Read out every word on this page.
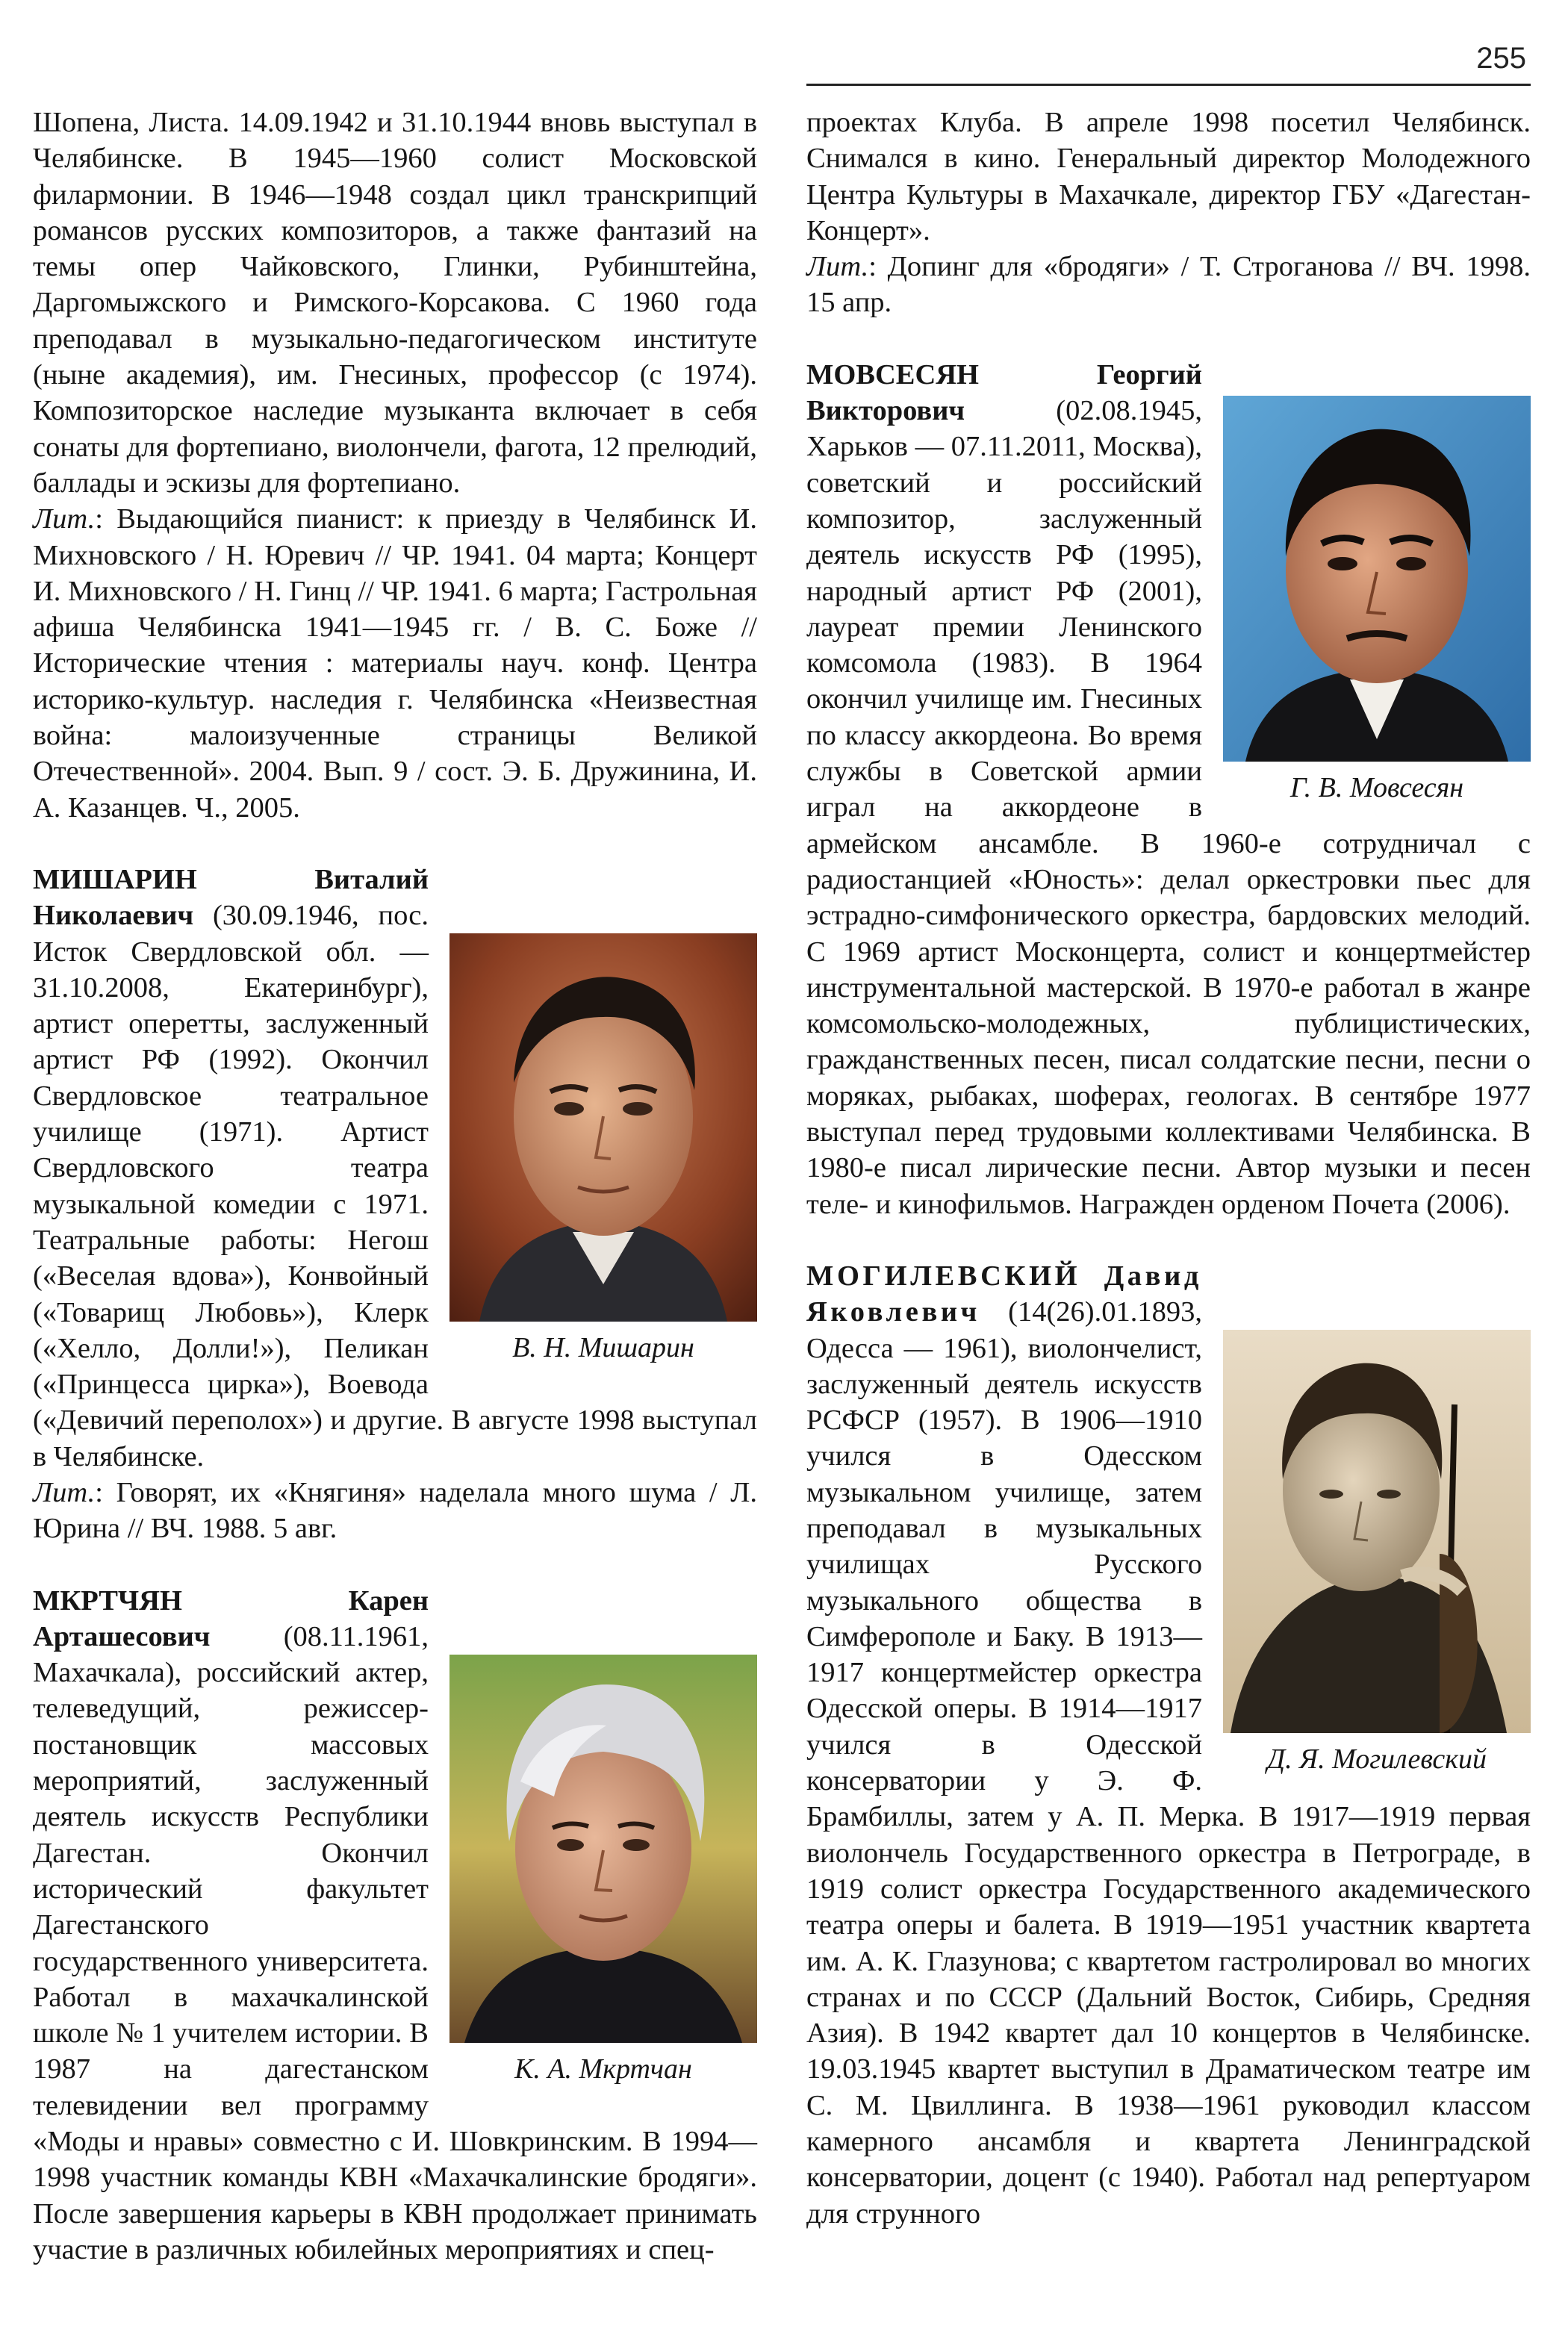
255

Шопена, Листа. 14.09.1942 и 31.10.1944 вновь выступал в Челябинске. В 1945—1960 солист Московской филармонии. В 1946—1948 создал цикл транскрипций романсов русских композиторов, а также фантазий на темы опер Чайковского, Глинки, Рубинштейна, Даргомыжского и Римского-Корсакова. С 1960 года преподавал в музыкально-педагогическом институте (ныне академия), им. Гнесиных, профессор (с 1974). Композиторское наследие музыканта включает в себя сонаты для фортепиано, виолончели, фагота, 12 прелюдий, баллады и эскизы для фортепиано.

Лит.: Выдающийся пианист: к приезду в Челябинск И. Михновского / Н. Юревич // ЧР. 1941. 04 марта; Концерт И. Михновского / Н. Гинц // ЧР. 1941. 6 марта; Гастрольная афиша Челябинска 1941—1945 гг. / В. С. Боже // Исторические чтения : материалы науч. конф. Центра историко-культур. наследия г. Челябинска «Неизвестная война: малоизученные страницы Великой Отечественной». 2004. Вып. 9 / сост. Э. Б. Дружинина, И. А. Казанцев. Ч., 2005.

В. Н. Мишарин

МИШАРИН	Виталий Николаевич (30.09.1946, пос. Исток Свердловской обл. — 31.10.2008, Екатеринбург), артист оперетты, заслуженный артист РФ (1992). Окончил Свердловское театральное училище (1971). Артист Свердловского театра музыкальной комедии с 1971. Театральные работы: Негош («Веселая вдова»), Конвойный («Товарищ Любовь»), Клерк («Хелло, Долли!»), Пеликан («Принцесса цирка»), Воевода («Девичий переполох») и другие. В августе 1998 выступал в Челябинске.

Лит.: Говорят, их «Княгиня» наделала много шума / Л. Юрина // ВЧ. 1988. 5 авг.

К. А. Мкртчан

МКРТЧЯН	Карен Арташесович (08.11.1961, Махачкала), российский актер, телеведущий, режиссер-постановщик массовых мероприятий, заслуженный деятель искусств Республики Дагестан. Окончил исторический факультет Дагестанского государственного университета. Работал в махачкалинской школе № 1 учителем истории. В 1987 на дагестанском телевидении вел программу «Моды и нравы» совместно с И. Шовкринским. В 1994—1998 участник команды КВН «Махачкалинские бродяги». После завершения карьеры в КВН продолжает принимать участие в различных юбилейных мероприятиях и спец-

проектах Клуба. В апреле 1998 посетил Челябинск. Снимался в кино. Генеральный директор Молодежного Центра Культуры в Махачкале, директор ГБУ «Дагестан-Концерт».

Лит.: Допинг для «бродяги» / Т. Строганова // ВЧ. 1998. 15 апр.

Г. В. Мовсесян

МОВСЕСЯН	Георгий Викторович (02.08.1945, Харьков — 07.11.2011, Москва), советский и российский композитор, заслуженный деятель искусств РФ (1995), народный артист РФ (2001), лауреат премии Ленинского комсомола (1983). В 1964 окончил училище им. Гнесиных по классу аккордеона. Во время службы в Советской армии играл на аккордеоне в армейском ансамбле. В 1960-е сотрудничал с радиостанцией «Юность»: делал оркестровки пьес для эстрадно-симфонического оркестра, бардовских мелодий. С 1969 артист Москонцерта, солист и концертмейстер инструментальной мастерской. В 1970-е работал в жанре комсомольско-молодежных, публицистических, гражданственных песен, писал солдатские песни, песни о моряках, рыбаках, шоферах, геологах. В сентябре 1977 выступал перед трудовыми коллективами Челябинска. В 1980-е писал лирические песни. Автор музыки и песен теле- и кинофильмов. Награжден орденом Почета (2006).

Д. Я. Могилевский

МОГИЛЕВСКИЙ Давид Яковлевич (14(26).01.1893, Одесса — 1961), виолончелист, заслуженный деятель искусств РСФСР (1957). В 1906—1910 учился в Одесском музыкальном училище, затем преподавал в музыкальных училищах Русского музыкального общества в Симферополе и Баку. В 1913—1917 концертмейстер оркестра Одесской оперы. В 1914—1917 учился в Одесской консерватории у Э. Ф. Брамбиллы, затем у А. П. Мерка. В 1917—1919 первая виолончель Государственного оркестра в Петрограде, в 1919 солист оркестра Государственного академического театра оперы и балета. В 1919—1951 участник квартета им. А. К. Глазунова; с квартетом гастролировал во многих странах и по СССР (Дальний Восток, Сибирь, Средняя Азия). В 1942 квартет дал 10 концертов в Челябинске. 19.03.1945 квартет выступил в Драматическом театре им С. М. Цвиллинга. В 1938—1961 руководил классом камерного ансамбля и квартета Ленинградской консерватории, доцент (с 1940). Работал над репертуаром для струнного
